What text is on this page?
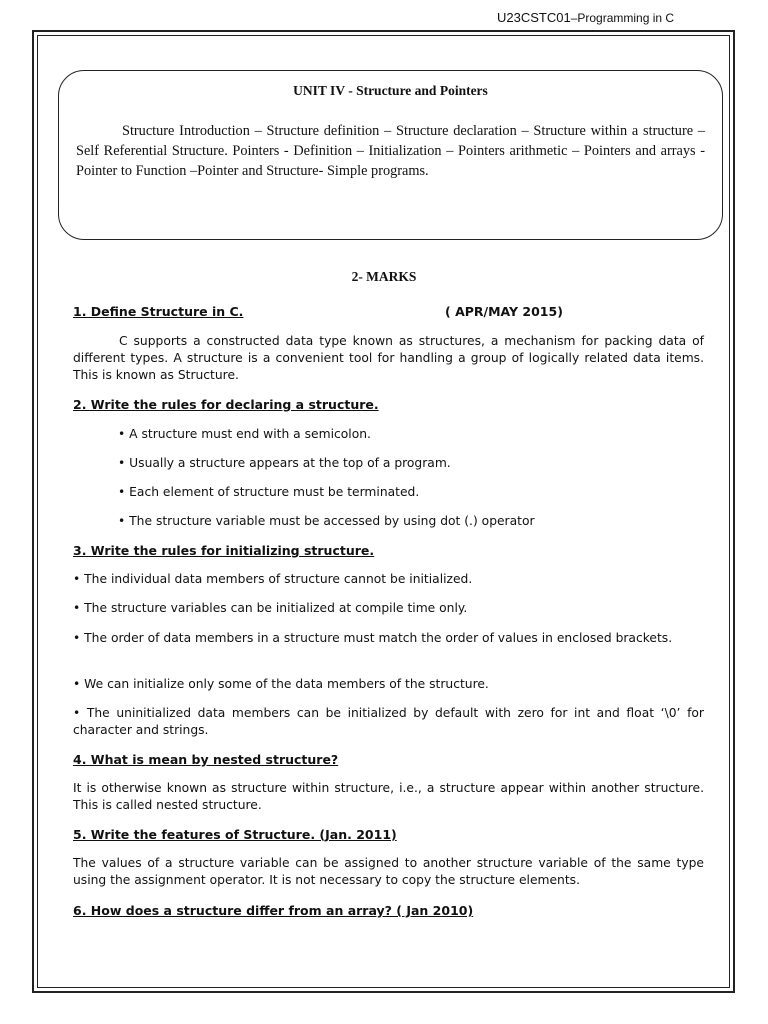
U23CSTC01–Programming in C
UNIT IV - Structure and Pointers
Structure Introduction – Structure definition – Structure declaration – Structure within a structure –Self Referential Structure. Pointers - Definition – Initialization – Pointers arithmetic – Pointers and arrays -Pointer to Function –Pointer and Structure- Simple programs.
2- MARKS
1. Define Structure in C.	( APR/MAY 2015)
C supports a constructed data type known as structures, a mechanism for packing data of different types. A structure is a convenient tool for handling a group of logically related data items. This is known as Structure.
2. Write the rules for declaring a structure.
• A structure must end with a semicolon.
• Usually a structure appears at the top of a program.
• Each element of structure must be terminated.
• The structure variable must be accessed by using dot (.) operator
3. Write the rules for initializing structure.
• The individual data members of structure cannot be initialized.
• The structure variables can be initialized at compile time only.
• The order of data members in a structure must match the order of values in enclosed brackets.
• We can initialize only some of the data members of the structure.
• The uninitialized data members can be initialized by default with zero for int and float ‘\0’ for character and strings.
4. What is mean by nested structure?
It is otherwise known as structure within structure, i.e., a structure appear within another structure. This is called nested structure.
5. Write the features of Structure. (Jan. 2011)
The values of a structure variable can be assigned to another structure variable of the same type using the assignment operator. It is not necessary to copy the structure elements.
6. How does a structure differ from an array? ( Jan 2010)
